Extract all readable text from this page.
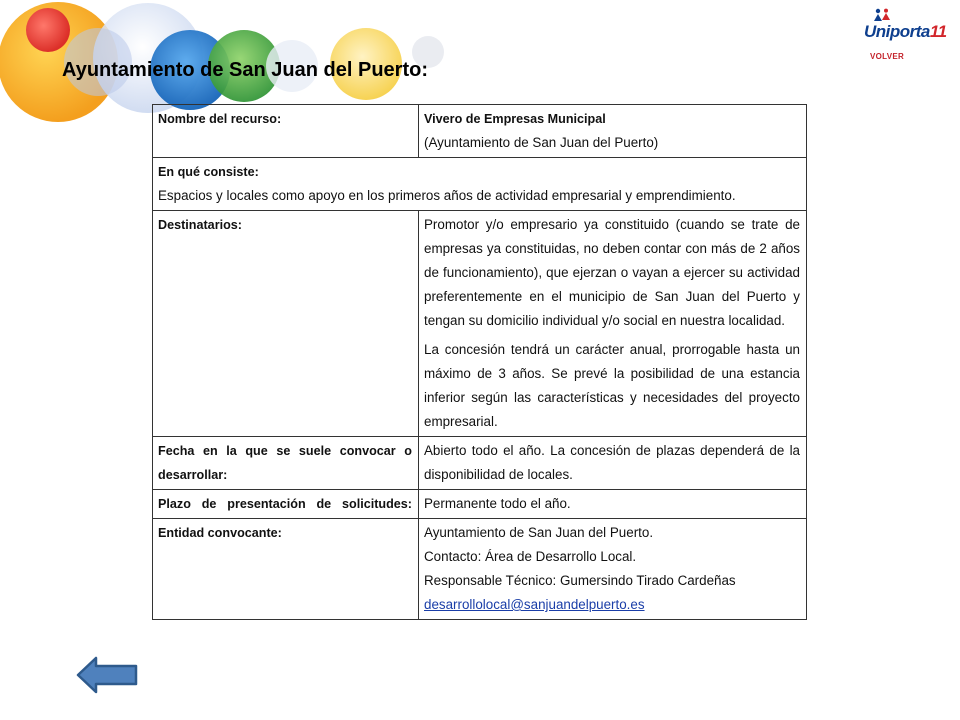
Ayuntamiento de San Juan del Puerto:
Uniporta11
VOLVER
Nombre del recurso:	Vivero de Empresas Municipal
(Ayuntamiento de San Juan del Puerto)

En qué consiste:
Espacios y locales como apoyo en los primeros años de actividad empresarial y emprendimiento.	

Destinatarios:	Promotor y/o empresario ya constituido (cuando se trate de empresas ya constituidas, no deben contar con más de 2 años de funcionamiento), que ejerzan o vayan a ejercer su actividad preferentemente en el municipio de San Juan del Puerto y tengan su domicilio individual y/o social en nuestra localidad.

La concesión tendrá un carácter anual, prorrogable hasta un máximo de 3 años. Se prevé la posibilidad de una estancia inferior según las características y necesidades del proyecto empresarial.

Fecha en la que se suele convocar o desarrollar:	Abierto todo el año. La concesión de plazas dependerá de la disponibilidad de locales.

Plazo de presentación de solicitudes:	Permanente todo el año.
Entidad convocante:	Ayuntamiento de San Juan del Puerto.
Contacto: Área de Desarrollo Local.
Responsable Técnico: Gumersindo Tirado Cardeñas
desarrollolocal@sanjuandelpuerto.es
